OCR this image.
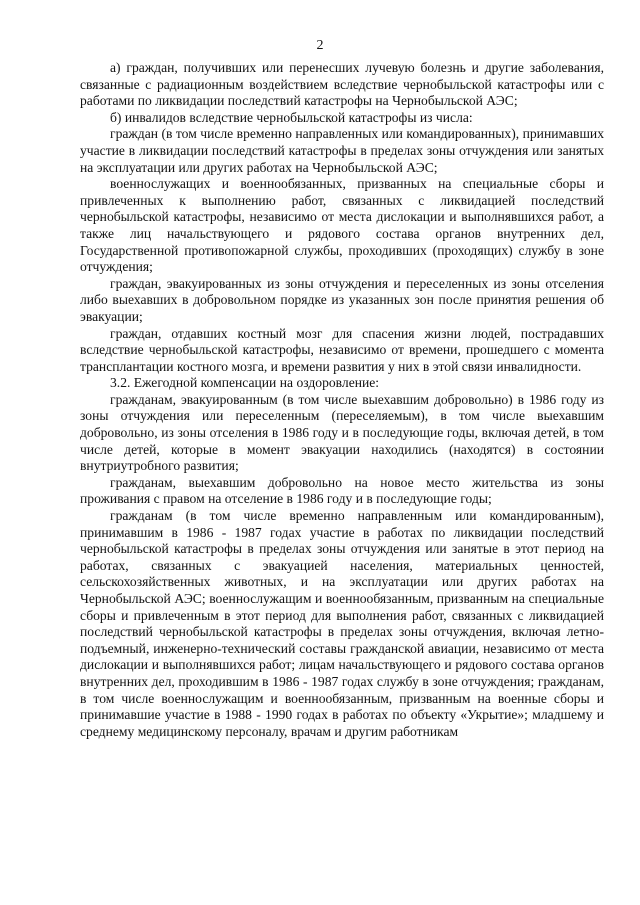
2

а) граждан, получивших или перенесших лучевую болезнь и другие заболевания, связанные с радиационным воздействием вследствие чернобыльской катастрофы или с работами по ликвидации последствий катастрофы на Чернобыльской АЭС;

б) инвалидов вследствие чернобыльской катастрофы из числа:

граждан (в том числе временно направленных или командированных), принимавших участие в ликвидации последствий катастрофы в пределах зоны отчуждения или занятых на эксплуатации или других работах на Чернобыльской АЭС;

военнослужащих и военнообязанных, призванных на специальные сборы и привлеченных к выполнению работ, связанных с ликвидацией последствий чернобыльской катастрофы, независимо от места дислокации и выполнявшихся работ, а также лиц начальствующего и рядового состава органов внутренних дел, Государственной противопожарной службы, проходивших (проходящих) службу в зоне отчуждения;

граждан, эвакуированных из зоны отчуждения и переселенных из зоны отселения либо выехавших в добровольном порядке из указанных зон после принятия решения об эвакуации;

граждан, отдавших костный мозг для спасения жизни людей, пострадавших вследствие чернобыльской катастрофы, независимо от времени, прошедшего с момента трансплантации костного мозга, и времени развития у них в этой связи инвалидности.

3.2. Ежегодной компенсации на оздоровление:

гражданам, эвакуированным (в том числе выехавшим добровольно) в 1986 году из зоны отчуждения или переселенным (переселяемым), в том числе выехавшим добровольно, из зоны отселения в 1986 году и в последующие годы, включая детей, в том числе детей, которые в момент эвакуации находились (находятся) в состоянии внутриутробного развития;

гражданам, выехавшим добровольно на новое место жительства из зоны проживания с правом на отселение в 1986 году и в последующие годы;

гражданам (в том числе временно направленным или командированным), принимавшим в 1986 - 1987 годах участие в работах по ликвидации последствий чернобыльской катастрофы в пределах зоны отчуждения или занятые в этот период на работах, связанных с эвакуацией населения, материальных ценностей, сельскохозяйственных животных, и на эксплуатации или других работах на Чернобыльской АЭС; военнослужащим и военнообязанным, призванным на специальные сборы и привлеченным в этот период для выполнения работ, связанных с ликвидацией последствий чернобыльской катастрофы в пределах зоны отчуждения, включая летно-подъемный, инженерно-технический составы гражданской авиации, независимо от места дислокации и выполнявшихся работ; лицам начальствующего и рядового состава органов внутренних дел, проходившим в 1986 - 1987 годах службу в зоне отчуждения; гражданам, в том числе военнослужащим и военнообязанным, призванным на военные сборы и принимавшие участие в 1988 - 1990 годах в работах по объекту «Укрытие»; младшему и среднему медицинскому персоналу, врачам и другим работникам
